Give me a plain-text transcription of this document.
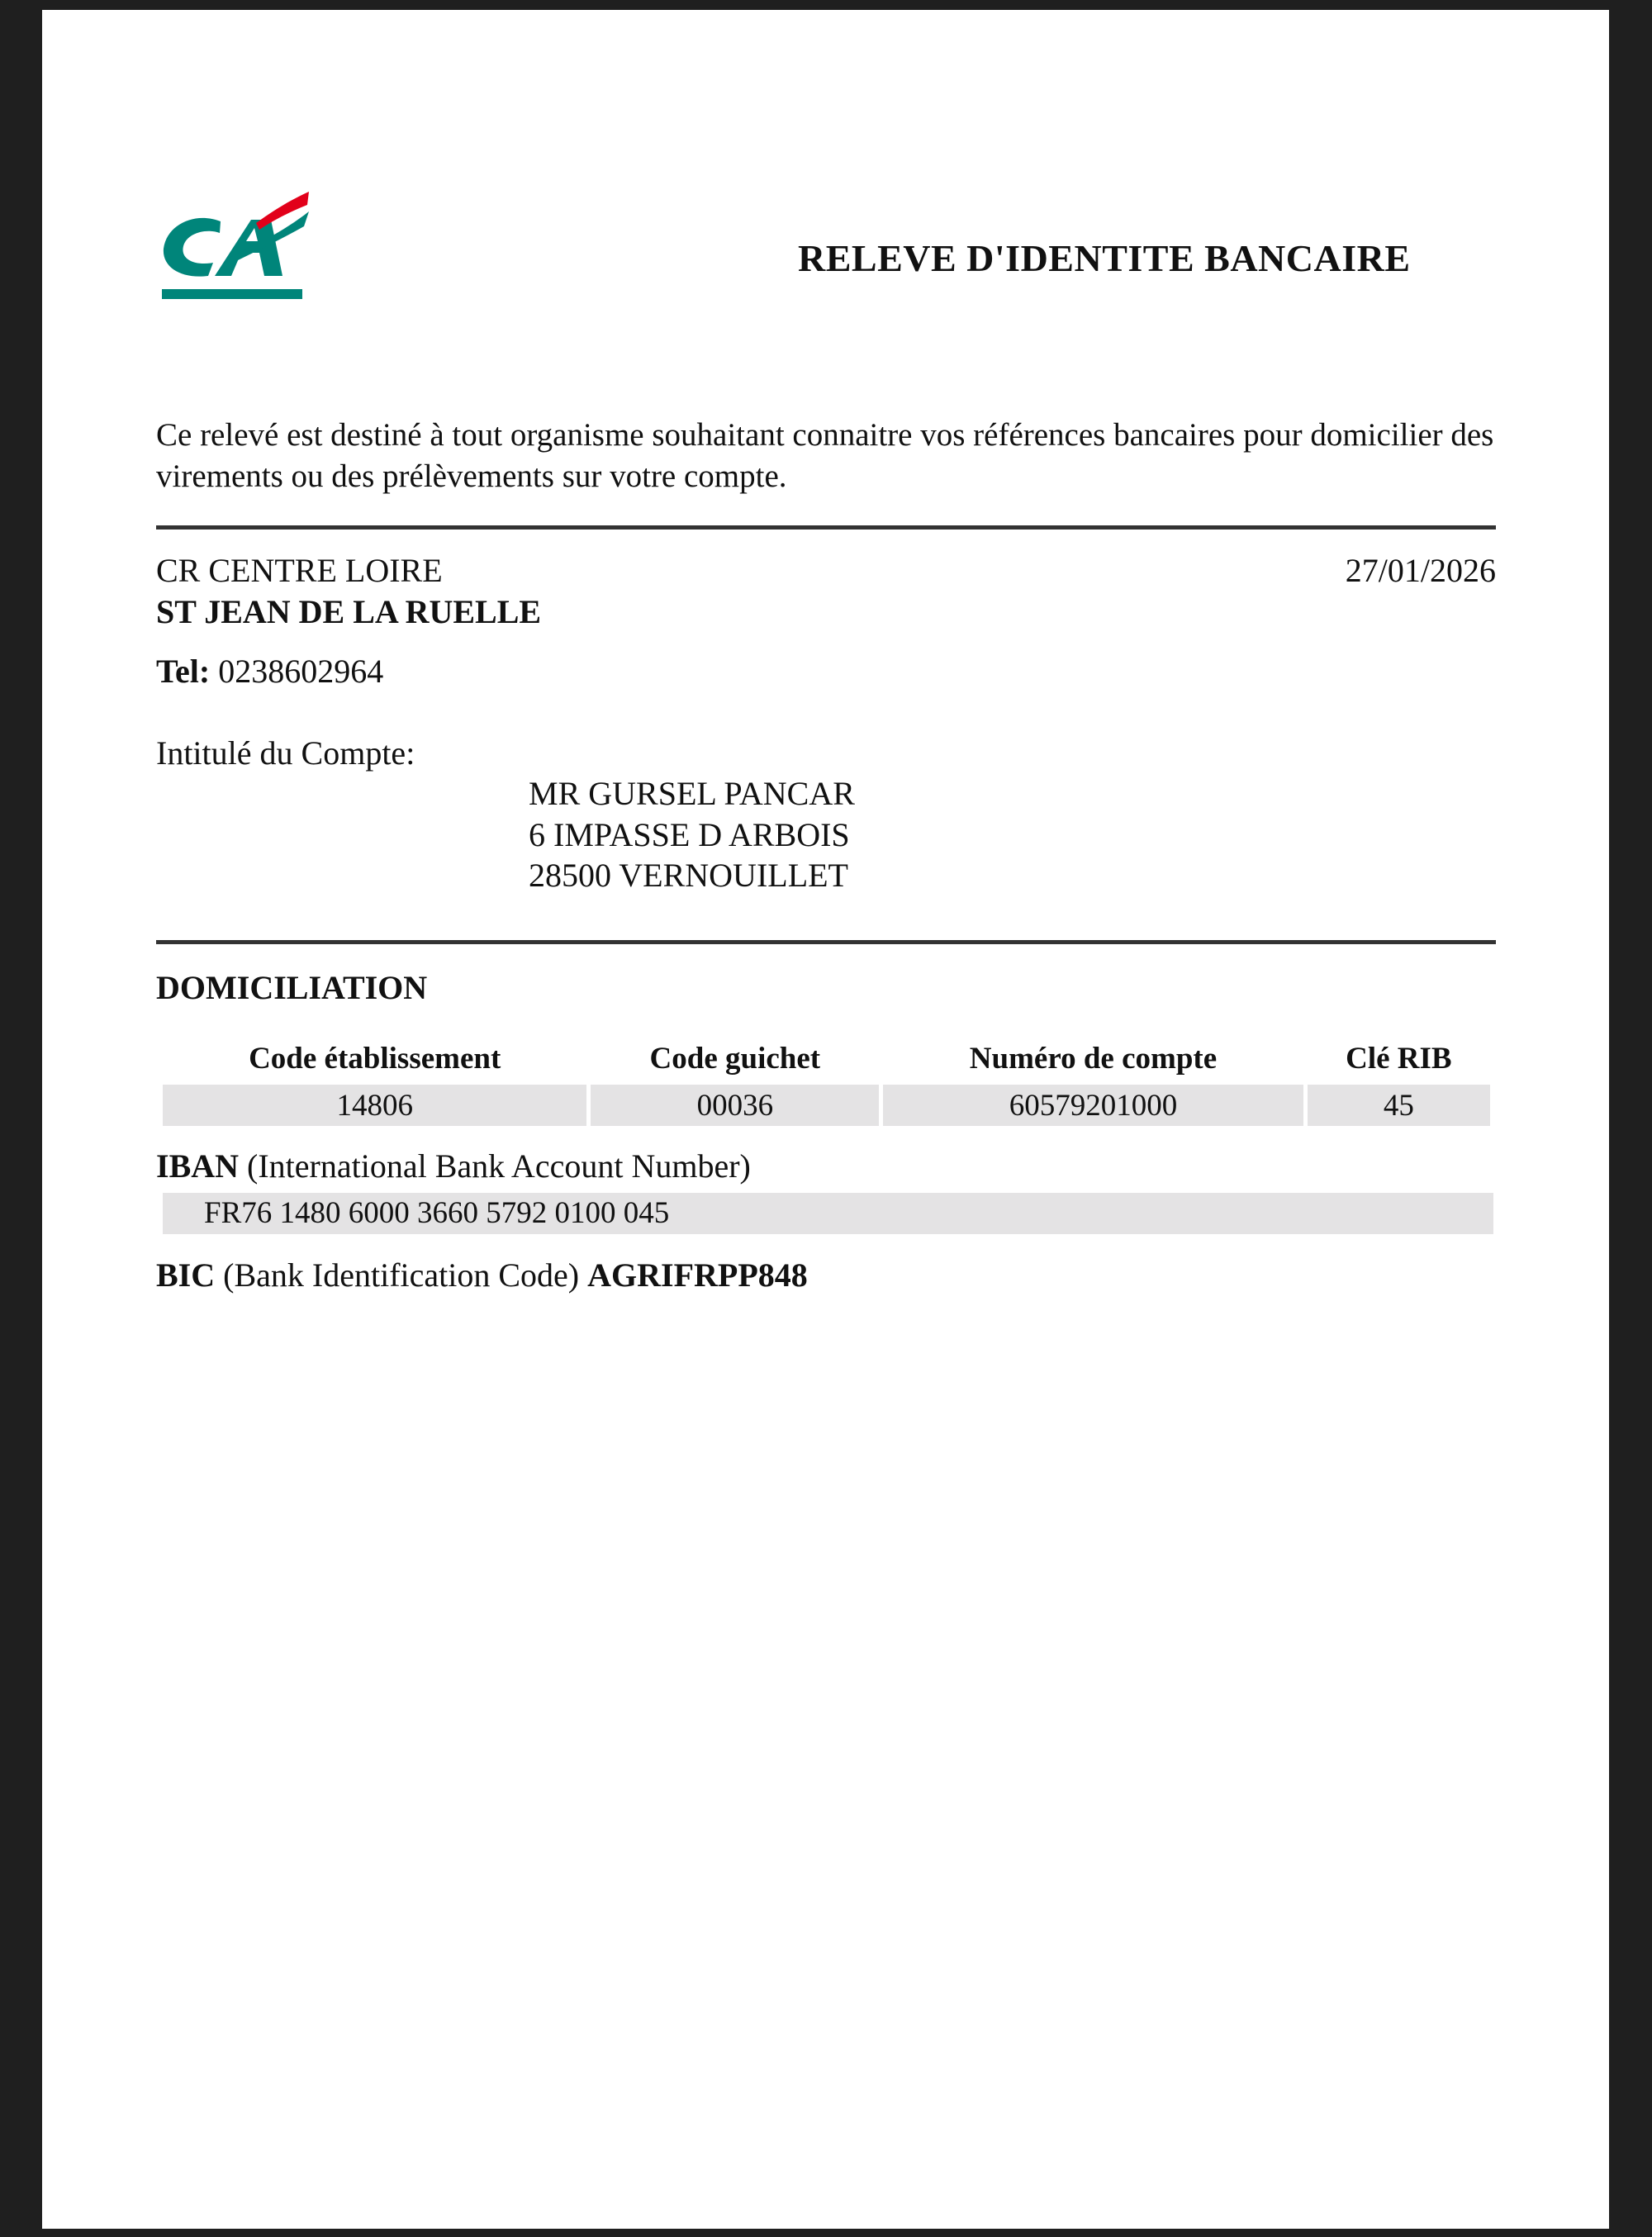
RELEVE D'IDENTITE BANCAIRE
Ce relevé est destiné à tout organisme souhaitant connaitre vos références bancaires pour domicilier des virements ou des prélèvements sur votre compte.
CR CENTRE LOIRE	27/01/2026
ST JEAN DE LA RUELLE
Tel: 0238602964
Intitulé du Compte:
MR GURSEL PANCAR
6 IMPASSE D ARBOIS
28500 VERNOUILLET
DOMICILIATION
Code établissement	Code guichet	Numéro de compte	Clé RIB
14806	00036	60579201000	45
IBAN (International Bank Account Number)
FR76 1480 6000 3660 5792 0100 045
BIC (Bank Identification Code) AGRIFRPP848
